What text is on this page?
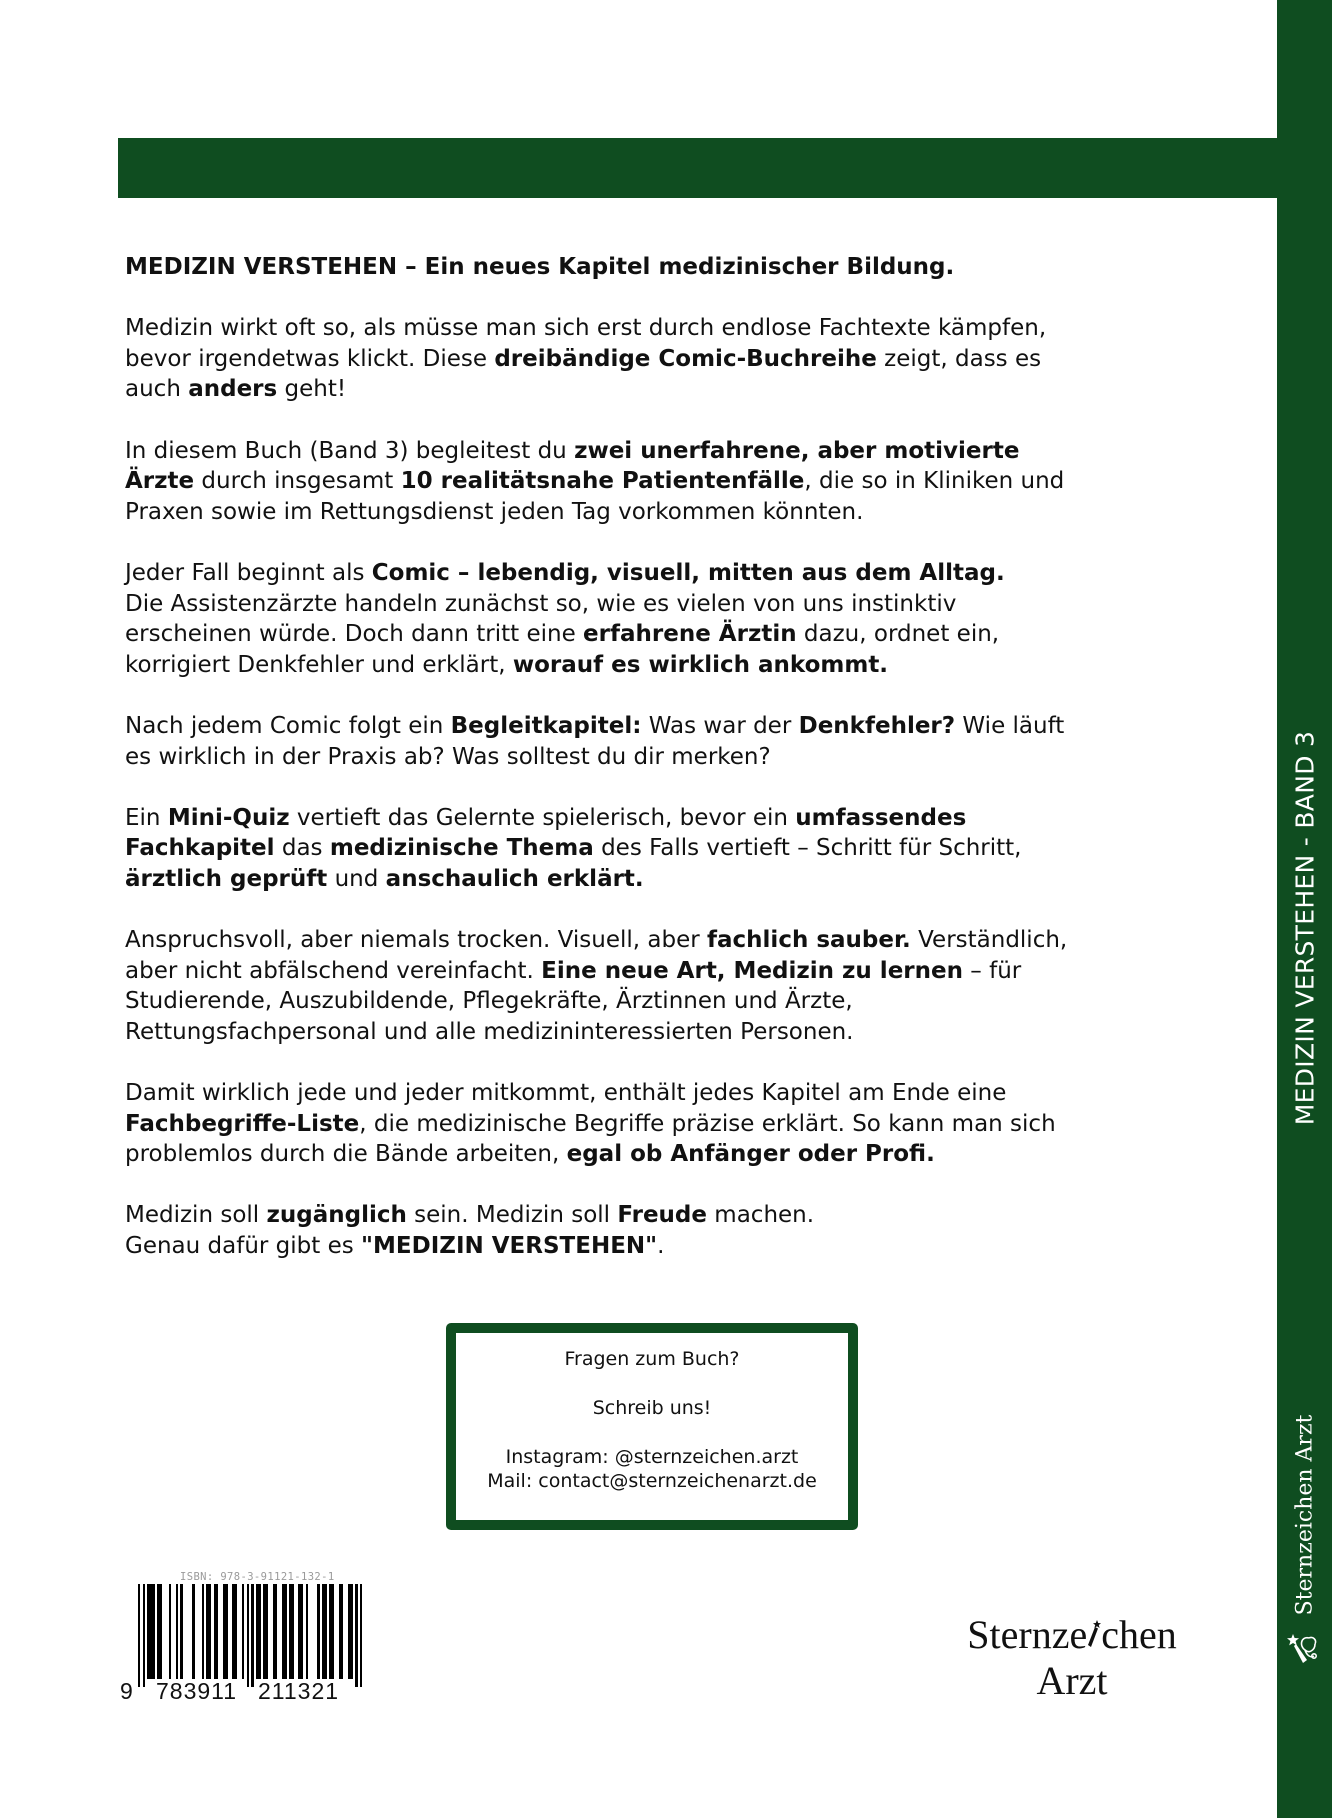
MEDIZIN VERSTEHEN - BAND 3
Sternzeichen Arzt

MEDIZIN VERSTEHEN – Ein neues Kapitel medizinischer Bildung.

Medizin wirkt oft so, als müsse man sich erst durch endlose Fachtexte kämpfen,
bevor irgendetwas klickt. Diese dreibändige Comic-Buchreihe zeigt, dass es
auch anders geht!

In diesem Buch (Band 3) begleitest du zwei unerfahrene, aber motivierte
Ärzte durch insgesamt 10 realitätsnahe Patientenfälle, die so in Kliniken und
Praxen sowie im Rettungsdienst jeden Tag vorkommen könnten.

Jeder Fall beginnt als Comic – lebendig, visuell, mitten aus dem Alltag.
Die Assistenzärzte handeln zunächst so, wie es vielen von uns instinktiv
erscheinen würde. Doch dann tritt eine erfahrene Ärztin dazu, ordnet ein,
korrigiert Denkfehler und erklärt, worauf es wirklich ankommt.

Nach jedem Comic folgt ein Begleitkapitel: Was war der Denkfehler? Wie läuft
es wirklich in der Praxis ab? Was solltest du dir merken?

Ein Mini-Quiz vertieft das Gelernte spielerisch, bevor ein umfassendes
Fachkapitel das medizinische Thema des Falls vertieft – Schritt für Schritt,
ärztlich geprüft und anschaulich erklärt.

Anspruchsvoll, aber niemals trocken. Visuell, aber fachlich sauber. Verständlich,
aber nicht abfälschend vereinfacht. Eine neue Art, Medizin zu lernen – für
Studierende, Auszubildende, Pflegekräfte, Ärztinnen und Ärzte,
Rettungsfachpersonal und alle medizininteressierten Personen.

Damit wirklich jede und jeder mitkommt, enthält jedes Kapitel am Ende eine
Fachbegriffe-Liste, die medizinische Begriffe präzise erklärt. So kann man sich
problemlos durch die Bände arbeiten, egal ob Anfänger oder Profi.

Medizin soll zugänglich sein. Medizin soll Freude machen.
Genau dafür gibt es "MEDIZIN VERSTEHEN".

Fragen zum Buch?
Schreib uns!
Instagram: @sternzeichen.arzt
Mail: contact@sternzeichenarzt.de
ISBN: 978-3-91121-132-1
9 783911 211321
Sternze chen
Arzt
